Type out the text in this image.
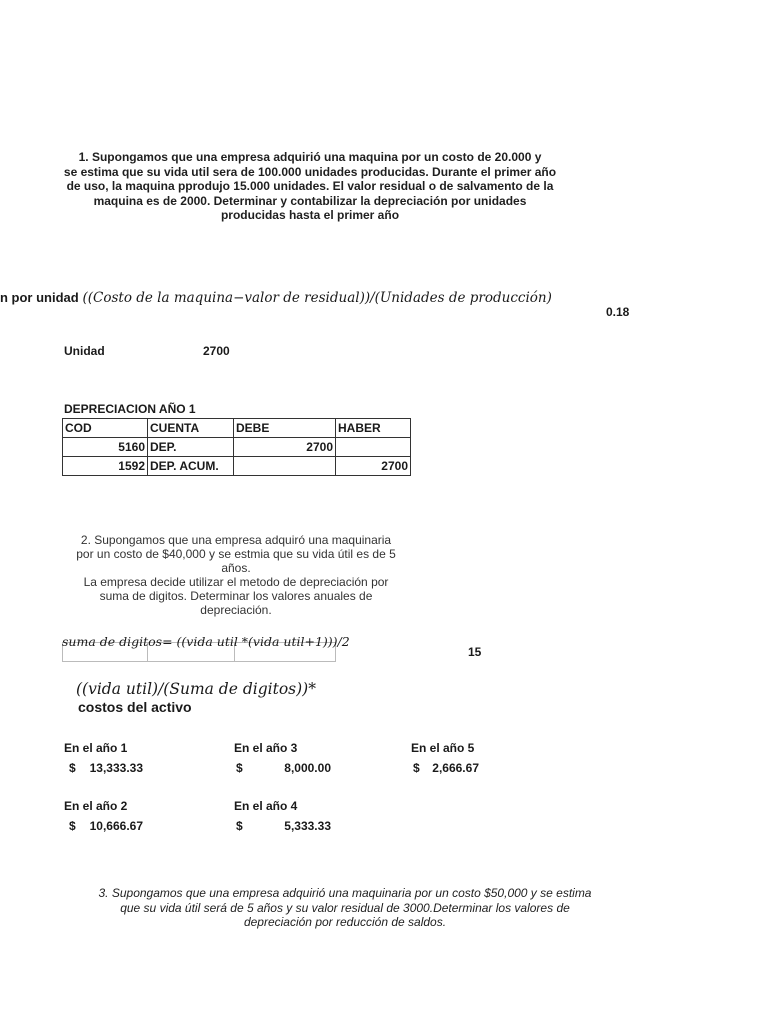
1. Supongamos que una empresa adquirió una maquina por un costo de 20.000 y
se estima que su vida util sera de 100.000 unidades producidas. Durante el primer año
de uso, la maquina pprodujo 15.000 unidades. El valor residual o de salvamento de la
maquina es de 2000. Determinar y contabilizar la depreciación por unidades
producidas hasta el primer año
n por unidad ((Costo de la maquina−valor de residual))/(Unidades de producción)
0.18
Unidad	2700
DEPRECIACION AÑO 1
COD	CUENTA	DEBE	HABER
5160	DEP.	2700	
1592	DEP. ACUM.		2700
2. Supongamos que una empresa adquiró una maquinaria
por un costo de $40,000 y se estmia que su vida útil es de 5
años.
La empresa decide utilizar el metodo de depreciación por
suma de digitos. Determinar los valores anuales de
depreciación.
suma de digitos= ((vida util *(vida util+1)))/2
15
((vida util)/(Suma de digitos))*
costos del activo
En el año 1
$ 13,333.33
En el año 2
$ 10,666.67
En el año 3
$	8,000.00
En el año 4
$	5,333.33
En el año 5
$ 2,666.67
3. Supongamos que una empresa adquirió una maquinaria por un costo $50,000 y se estima
que su vida útil será de 5 años y su valor residual de 3000.Determinar los valores de
depreciación por reducción de saldos.
